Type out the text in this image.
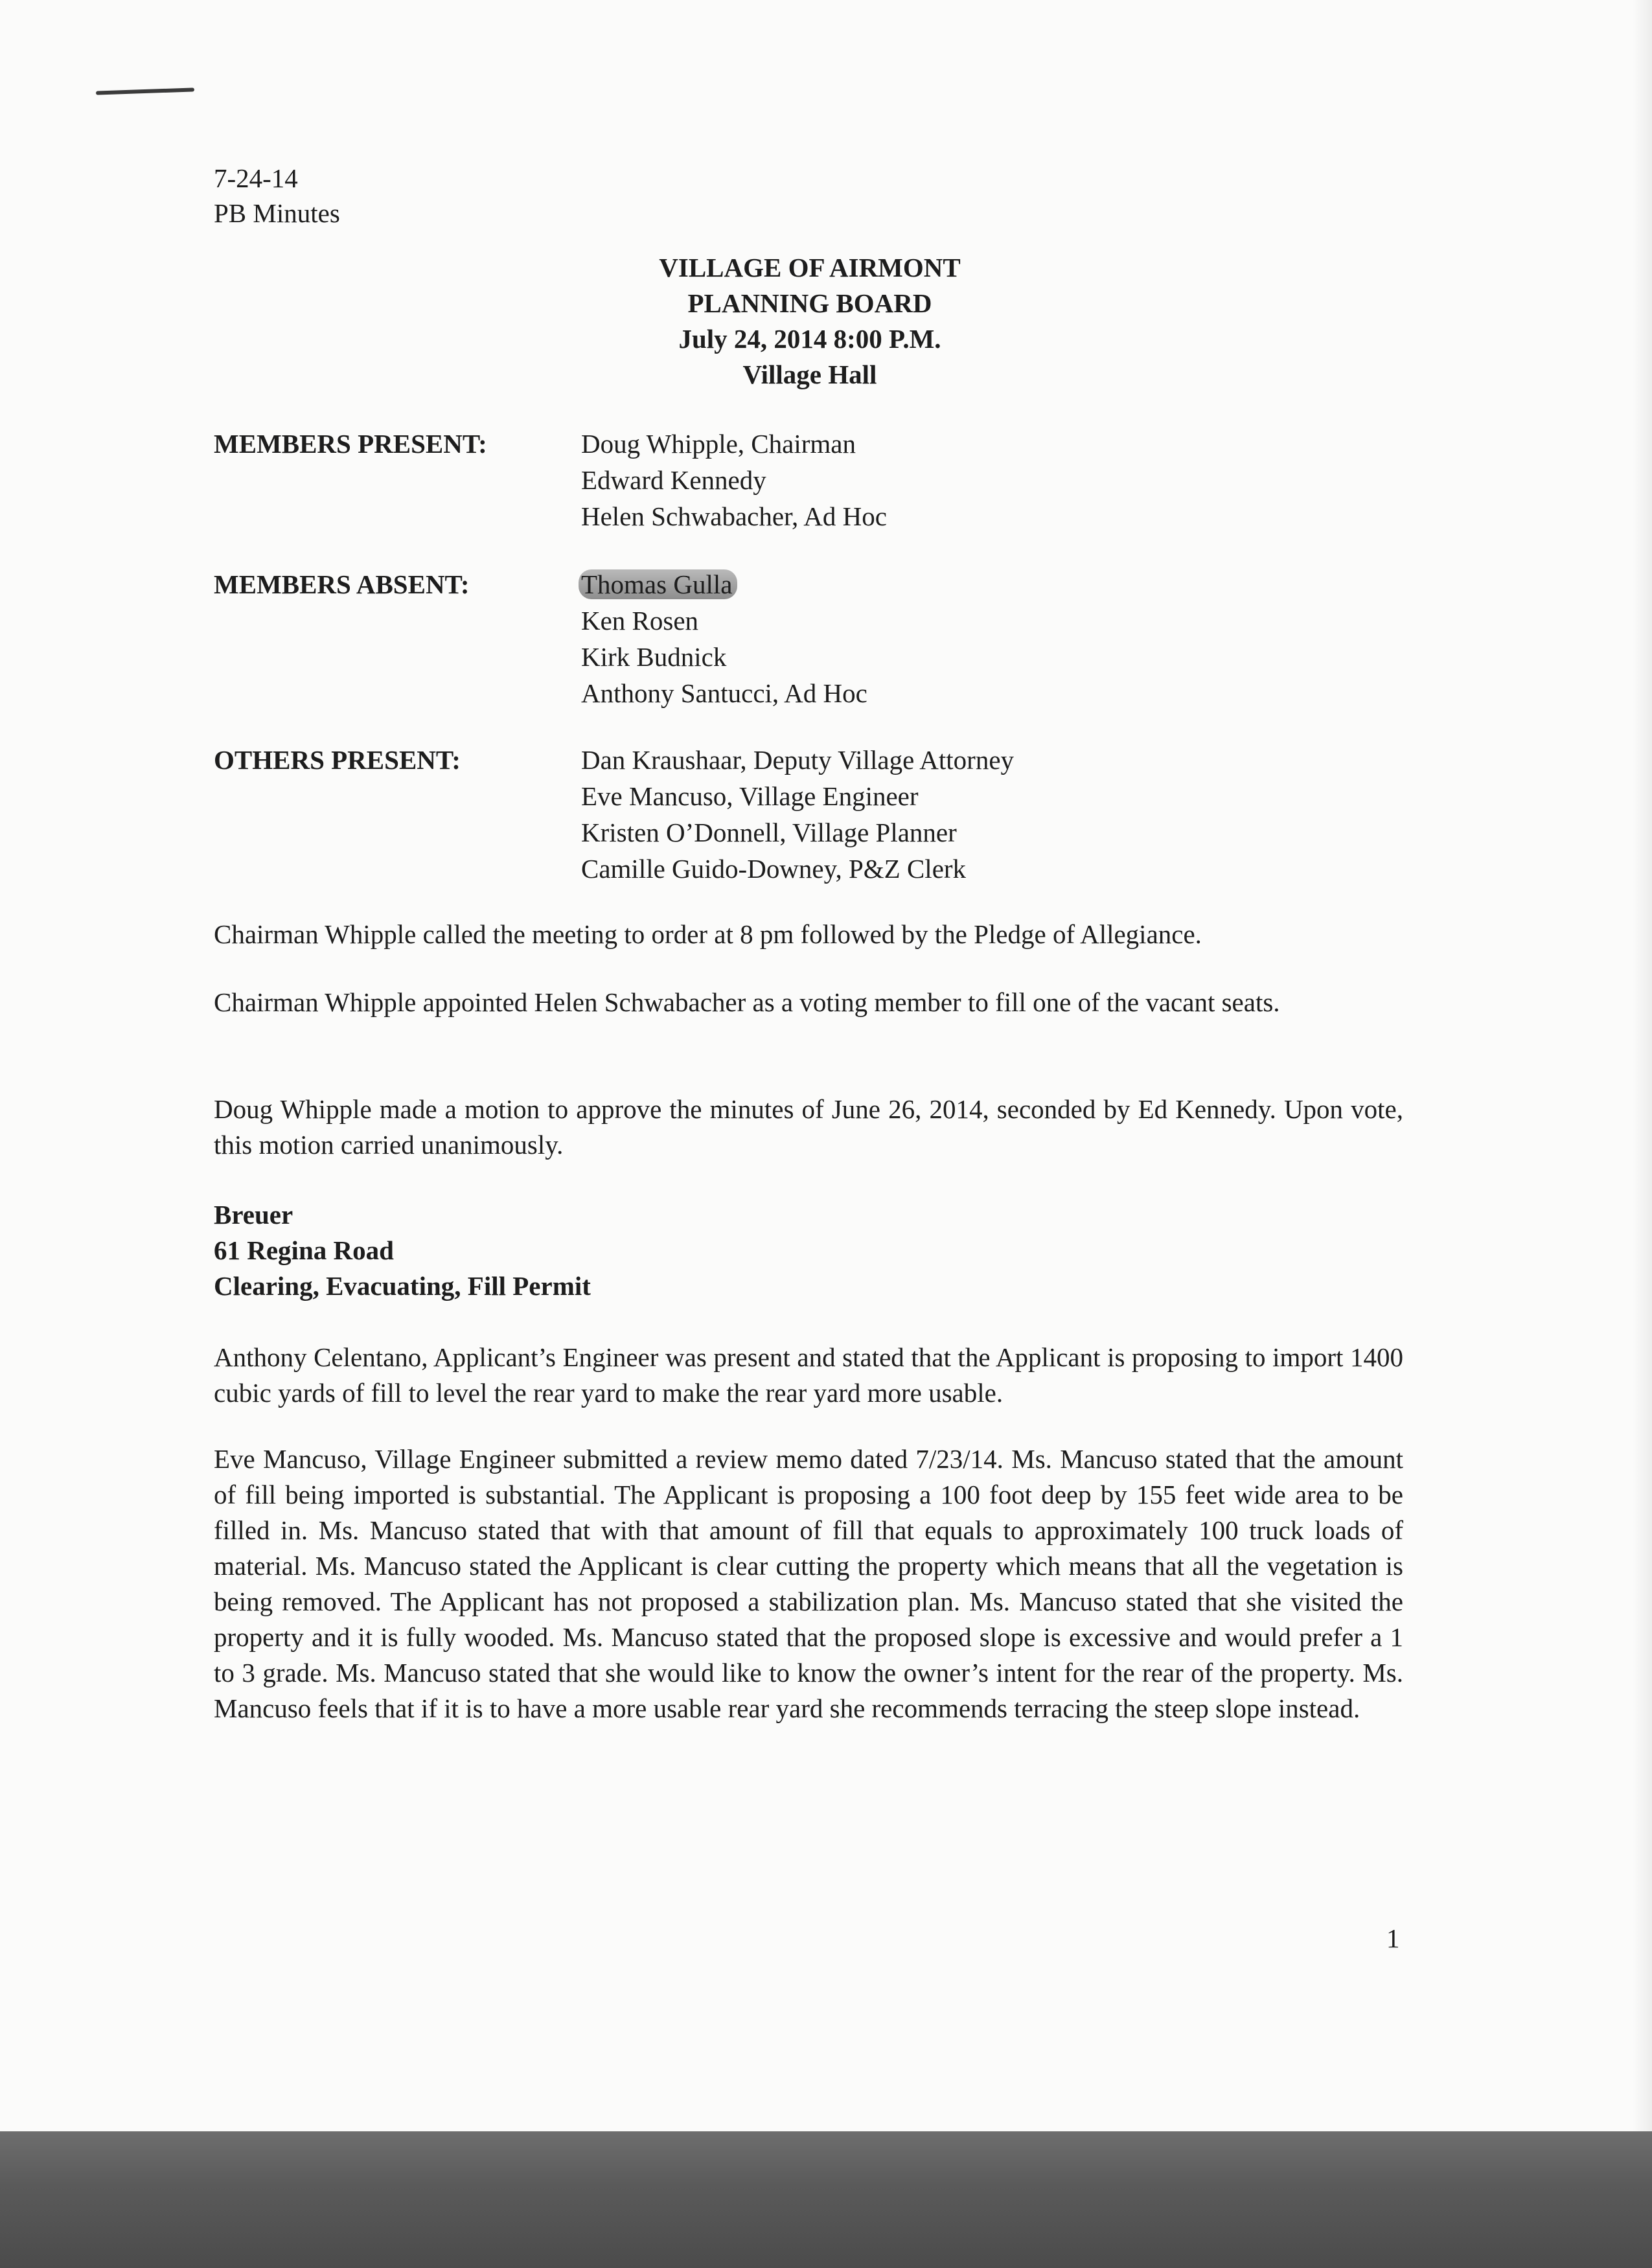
7-24-14
PB Minutes
VILLAGE OF AIRMONT
PLANNING BOARD
July 24, 2014 8:00 P.M.
Village Hall
MEMBERS PRESENT:	Doug Whipple, Chairman
Edward Kennedy
Helen Schwabacher, Ad Hoc
MEMBERS ABSENT:	Thomas Gulla
Ken Rosen
Kirk Budnick
Anthony Santucci, Ad Hoc
OTHERS PRESENT:	Dan Kraushaar, Deputy Village Attorney
Eve Mancuso, Village Engineer
Kristen O’Donnell, Village Planner
Camille Guido-Downey, P&Z Clerk

Chairman Whipple called the meeting to order at 8 pm followed by the Pledge of Allegiance.

Chairman Whipple appointed Helen Schwabacher as a voting member to fill one of the vacant seats.

Doug Whipple made a motion to approve the minutes of June 26, 2014, seconded by Ed Kennedy. Upon vote, this motion carried unanimously.

Breuer
61 Regina Road
Clearing, Evacuating, Fill Permit

Anthony Celentano, Applicant’s Engineer was present and stated that the Applicant is proposing to import 1400 cubic yards of fill to level the rear yard to make the rear yard more usable.

Eve Mancuso, Village Engineer submitted a review memo dated 7/23/14. Ms. Mancuso stated that the amount of fill being imported is substantial. The Applicant is proposing a 100 foot deep by 155 feet wide area to be filled in. Ms. Mancuso stated that with that amount of fill that equals to approximately 100 truck loads of material. Ms. Mancuso stated the Applicant is clear cutting the property which means that all the vegetation is being removed. The Applicant has not proposed a stabilization plan. Ms. Mancuso stated that she visited the property and it is fully wooded. Ms. Mancuso stated that the proposed slope is excessive and would prefer a 1 to 3 grade. Ms. Mancuso stated that she would like to know the owner’s intent for the rear of the property. Ms. Mancuso feels that if it is to have a more usable rear yard she recommends terracing the steep slope instead.

1
